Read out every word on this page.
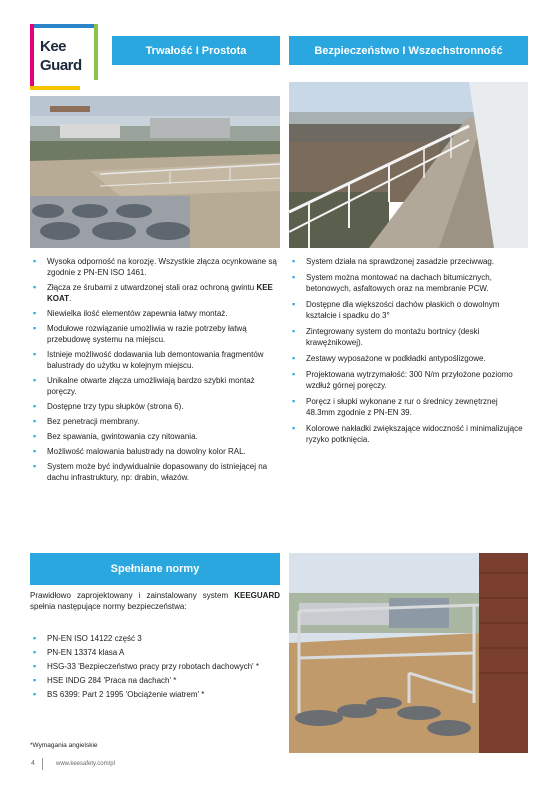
Kee
Guard
Trwałość I Prostota	Bezpieczeństwo I Wszechstronność
▪ Wysoka odporność na korozję. Wszystkie złącza ocynkowane są zgodnie z PN-EN ISO 1461.
▪ Złącza ze śrubami z utwardzonej stali oraz ochroną gwintu KEE KOAT.
▪ Niewielka ilość elementów zapewnia łatwy montaż.
▪ Modułowe rozwiązanie umożliwia w razie potrzeby łatwą przebudowę systemu na miejscu.
▪ Istnieje możliwość dodawania lub demontowania fragmentów balustrady do użytku w kolejnym miejscu.
▪ Unikalne otwarte złącza umożliwiają bardzo szybki montaż poręczy.
▪ Dostępne trzy typu słupków (strona 6).
▪ Bez penetracji membrany.
▪ Bez spawania, gwintowania czy nitowania.
▪ Możliwość malowania balustrady na dowolny kolor RAL.
▪ System może być indywidualnie dopasowany do istniejącej na dachu infrastruktury, np: drabin, włazów.
▪ System działa na sprawdzonej zasadzie przeciwwag.
▪ System można montować na dachach bitumicznych, betonowych, asfaltowych oraz na membranie PCW.
▪ Dostępne dla większości dachów płaskich o dowolnym kształcie i spadku do 3°
▪ Zintegrowany system do montażu bortnicy (deski krawężnikowej).
▪ Zestawy wyposażone w podkładki antypoślizgowe.
▪ Projektowana wytrzymałość: 300 N/m przyłożone poziomo wzdłuż górnej poręczy.
▪ Poręcz i słupki wykonane z rur o średnicy zewnętrznej 48.3mm zgodnie z PN-EN 39.
▪ Kolorowe nakładki zwiększające widoczność i minimalizujące ryzyko potknięcia.
Spełniane normy

Prawidłowo zaprojektowany i zainstalowany system KEEGUARD spełnia następujące normy bezpieczeństwa:

▪ PN-EN ISO 14122 część 3
▪ PN-EN 13374 klasa A
▪ HSG-33 'Bezpieczeństwo pracy przy robotach dachowych' *
▪ HSE INDG 284 'Praca na dachach' *
▪ BS 6399: Part 2 1995 'Obciążenie wiatrem' *
*Wymagania angielskie
4	www.keesafety.com/pl
